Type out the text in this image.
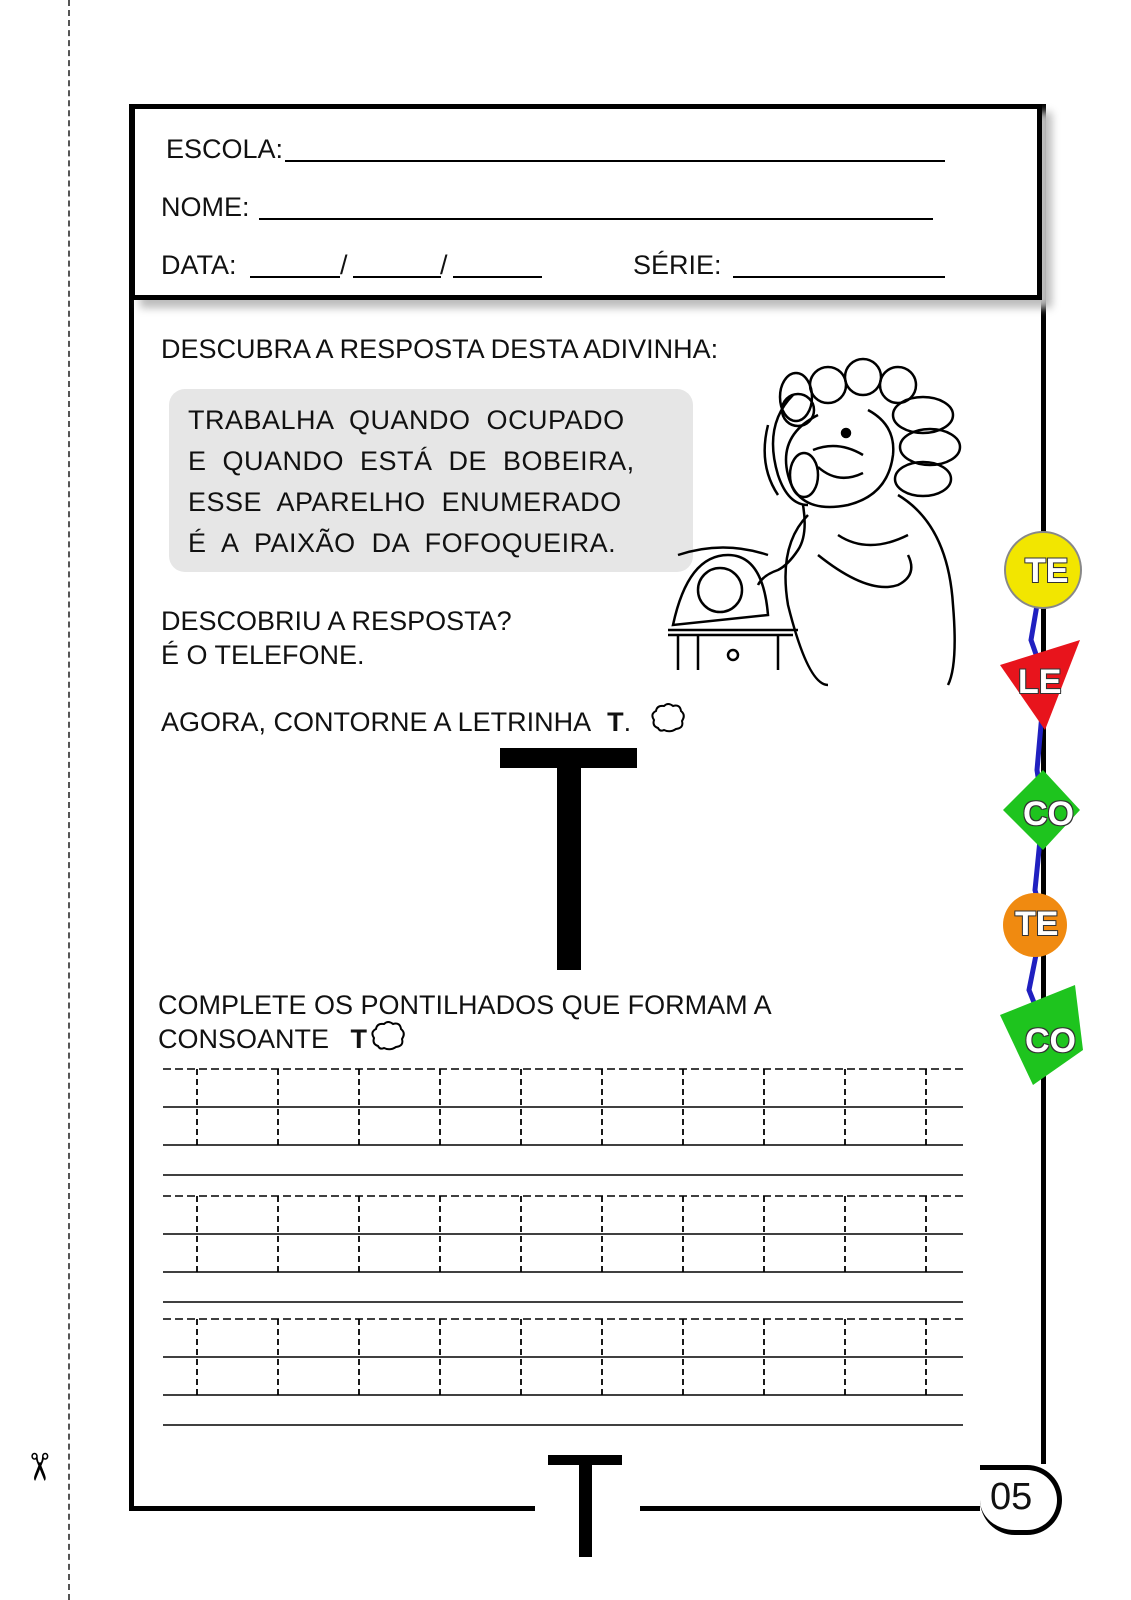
✂
ESCOLA:
NOME:
DATA:	/	/	SÉRIE:
DESCUBRA A RESPOSTA DESTA ADIVINHA:
TRABALHA QUANDO OCUPADO
E QUANDO ESTÁ DE BOBEIRA,
ESSE APARELHO ENUMERADO
É A PAIXÃO DA FOFOQUEIRA.
DESCOBRIU A RESPOSTA?
É O TELEFONE.
AGORA, CONTORNE A LETRINHA T.
COMPLETE OS PONTILHADOS QUE FORMAM A
CONSOANTE T
05
TE
LE
CO
TE
CO
